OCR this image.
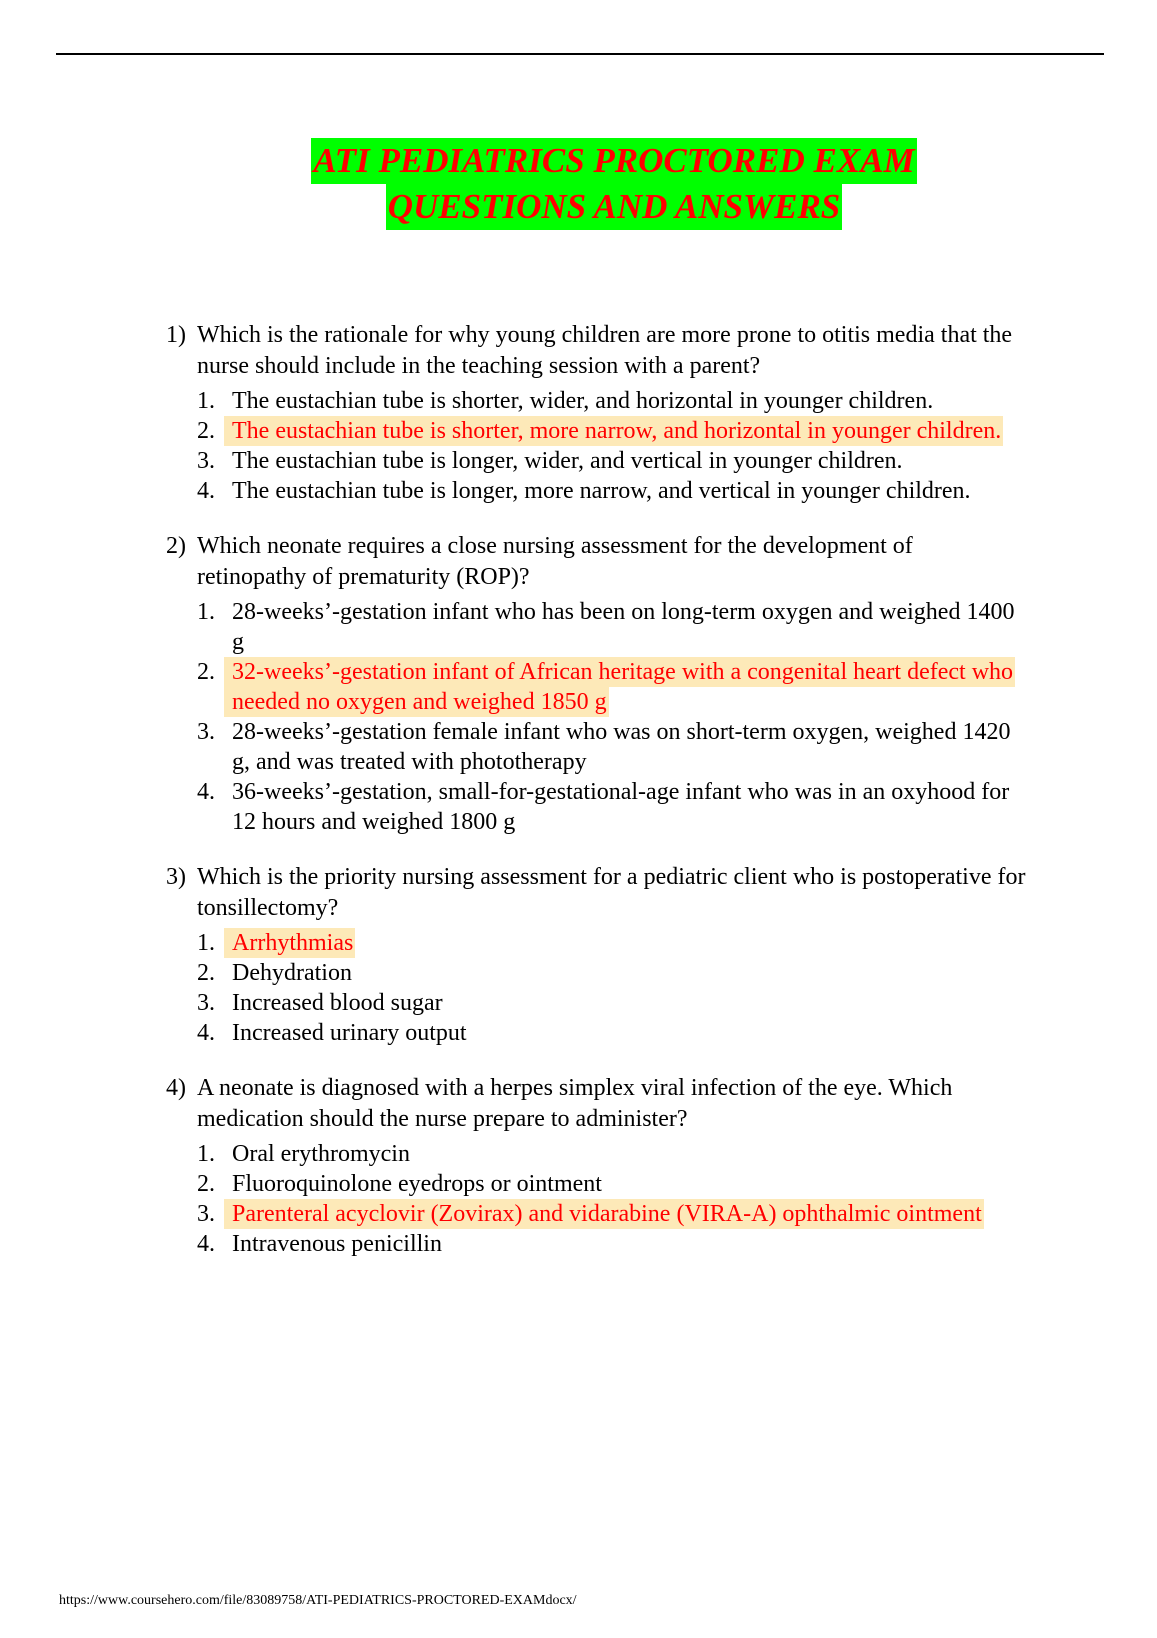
ATI PEDIATRICS PROCTORED EXAM
QUESTIONS AND ANSWERS
1) Which is the rationale for why young children are more prone to otitis media that the nurse should include in the teaching session with a parent?
1. The eustachian tube is shorter, wider, and horizontal in younger children.
2. The eustachian tube is shorter, more narrow, and horizontal in younger children.
3. The eustachian tube is longer, wider, and vertical in younger children.
4. The eustachian tube is longer, more narrow, and vertical in younger children.
2) Which neonate requires a close nursing assessment for the development of retinopathy of prematurity (ROP)?
1. 28-weeks’-gestation infant who has been on long-term oxygen and weighed 1400 g
2. 32-weeks’-gestation infant of African heritage with a congenital heart defect who
needed no oxygen and weighed 1850 g
3. 28-weeks’-gestation female infant who was on short-term oxygen, weighed 1420 g, and was treated with phototherapy
4. 36-weeks’-gestation, small-for-gestational-age infant who was in an oxyhood for 12 hours and weighed 1800 g
3) Which is the priority nursing assessment for a pediatric client who is postoperative for tonsillectomy?
1. Arrhythmias
2. Dehydration
3. Increased blood sugar
4. Increased urinary output
4) A neonate is diagnosed with a herpes simplex viral infection of the eye. Which medication should the nurse prepare to administer?
1. Oral erythromycin
2. Fluoroquinolone eyedrops or ointment
3. Parenteral acyclovir (Zovirax) and vidarabine (VIRA-A) ophthalmic ointment
4. Intravenous penicillin
https://www.coursehero.com/file/83089758/ATI-PEDIATRICS-PROCTORED-EXAMdocx/
